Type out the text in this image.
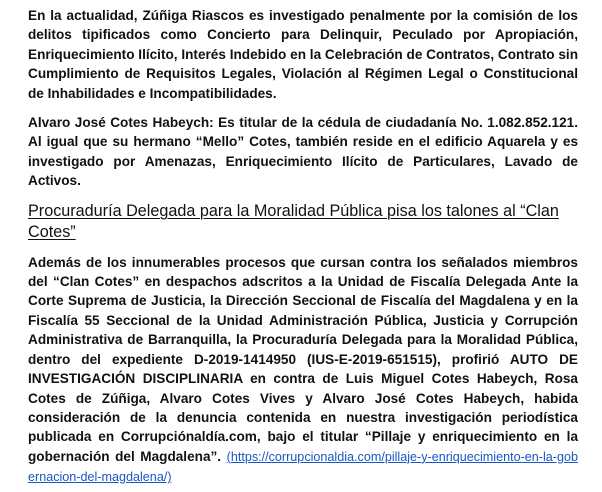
En la actualidad, Zúñiga Riascos es investigado penalmente por la comisión de los delitos tipificados como Concierto para Delinquir, Peculado por Apropiación, Enriquecimiento Ilícito, Interés Indebido en la Celebración de Contratos, Contrato sin Cumplimiento de Requisitos Legales, Violación al Régimen Legal o Constitucional de Inhabilidades e Incompatibilidades.

Alvaro José Cotes Habeych: Es titular de la cédula de ciudadanía No. 1.082.852.121. Al igual que su hermano “Mello” Cotes, también reside en el edificio Aquarela y es investigado por Amenazas, Enriquecimiento Ilícito de Particulares, Lavado de Activos.

Procuraduría Delegada para la Moralidad Pública pisa los talones al “Clan Cotes”

Además de los innumerables procesos que cursan contra los señalados miembros del “Clan Cotes” en despachos adscritos a la Unidad de Fiscalía Delegada Ante la Corte Suprema de Justicia, la Dirección Seccional de Fiscalía del Magdalena y en la Fiscalía 55 Seccional de la Unidad Administración Pública, Justicia y Corrupción Administrativa de Barranquilla, la Procuraduría Delegada para la Moralidad Pública, dentro del expediente D-2019-1414950 (IUS-E-2019-651515), profirió AUTO DE INVESTIGACIÓN DISCIPLINARIA en contra de Luis Miguel Cotes Habeych, Rosa Cotes de Zúñiga, Alvaro Cotes Vives y Alvaro José Cotes Habeych, habida consideración de la denuncia contenida en nuestra investigación periodística publicada en Corrupciónaldía.com, bajo el titular “Pillaje y enriquecimiento en la gobernación del Magdalena”. (https://corrupcionaldia.com/pillaje-y-enriquecimiento-en-la-gobernacion-del-magdalena/)
